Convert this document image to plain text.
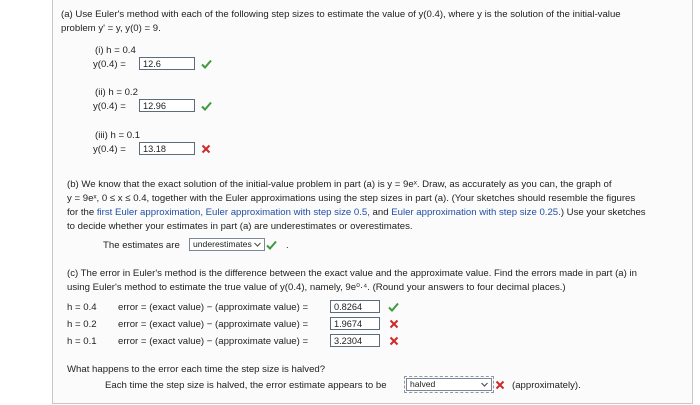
(a) Use Euler's method with each of the following step sizes to estimate the value of y(0.4), where y is the solution of the initial-value
problem y' = y, y(0) = 9.
(i) h = 0.4
y(0.4) =	12.6
(ii) h = 0.2
y(0.4) =	12.96
(iii) h = 0.1
y(0.4) =	13.18
(b) We know that the exact solution of the initial-value problem in part (a) is y = 9eˣ. Draw, as accurately as you can, the graph of
y = 9eˣ, 0 ≤ x ≤ 0.4, together with the Euler approximations using the step sizes in part (a). (Your sketches should resemble the figures
for the first Euler approximation, Euler approximation with step size 0.5, and Euler approximation with step size 0.25.) Use your sketches
to decide whether your estimates in part (a) are underestimates or overestimates.
The estimates are	underestimates	.
(c) The error in Euler's method is the difference between the exact value and the approximate value. Find the errors made in part (a) in
using Euler's method to estimate the true value of y(0.4), namely, 9e⁰·⁴. (Round your answers to four decimal places.)
h = 0.4 error = (exact value) − (approximate value) =	0.8264
h = 0.2 error = (exact value) − (approximate value) =	1.9674
h = 0.1 error = (exact value) − (approximate value) =	3.2304
What happens to the error each time the step size is halved?
Each time the step size is halved, the error estimate appears to be	halved	(approximately).
